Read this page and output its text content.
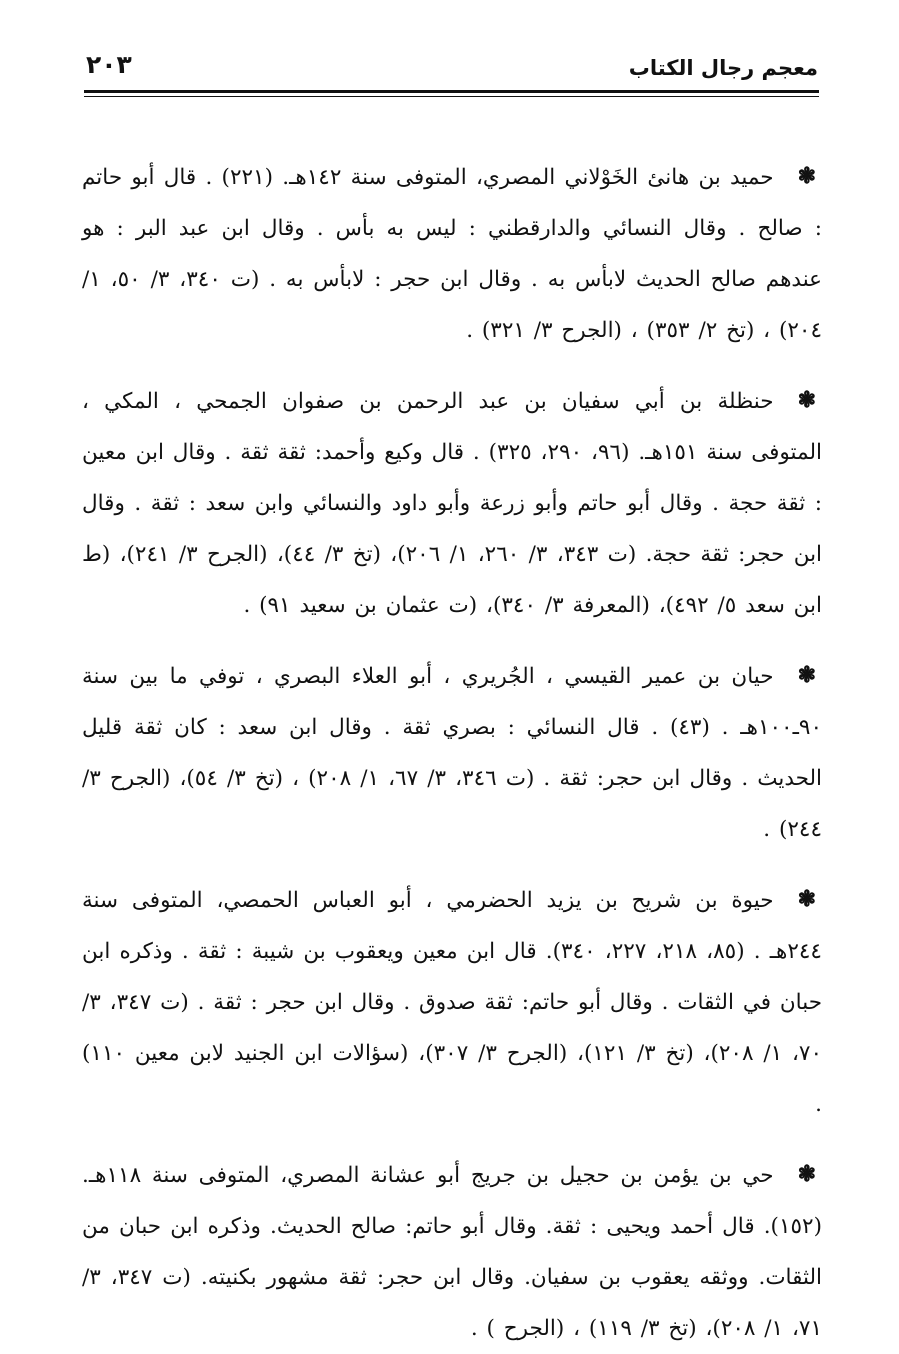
معجم رجال الكتاب
٢٠٣

❃حميد بن هانئ الخَوْلاني المصري، المتوفى سنة ١٤٢هـ. (٢٢١) . قال أبو حاتم : صالح . وقال النسائي والدارقطني : ليس به بأس . وقال ابن عبد البر : هو عندهم صالح الحديث لابأس به . وقال ابن حجر : لابأس به . (ت ٣٤٠، ٣/ ٥٠، ١/ ٢٠٤) ، (تخ ٢/ ٣٥٣) ، (الجرح ٣/ ٣٢١) .

❃حنظلة بن أبي سفيان بن عبد الرحمن بن صفوان الجمحي ، المكي ، المتوفى سنة ١٥١هـ. (٩٦، ٢٩٠، ٣٢٥) . قال وكيع وأحمد: ثقة ثقة . وقال ابن معين : ثقة حجة . وقال أبو حاتم وأبو زرعة وأبو داود والنسائي وابن سعد : ثقة . وقال ابن حجر: ثقة حجة. (ت ٣٤٣، ٣/ ٢٦٠، ١/ ٢٠٦)، (تخ ٣/ ٤٤)، (الجرح ٣/ ٢٤١)، (ط ابن سعد ٥/ ٤٩٢)، (المعرفة ٣/ ٣٤٠)، (ت عثمان بن سعيد ٩١) .

❃حيان بن عمير القيسي ، الجُريري ، أبو العلاء البصري ، توفي ما بين سنة ٩٠ـ١٠٠هـ . (٤٣) . قال النسائي : بصري ثقة . وقال ابن سعد : كان ثقة قليل الحديث . وقال ابن حجر: ثقة . (ت ٣٤٦، ٣/ ٦٧، ١/ ٢٠٨) ، (تخ ٣/ ٥٤)، (الجرح ٣/ ٢٤٤) .

❃حيوة بن شريح بن يزيد الحضرمي ، أبو العباس الحمصي، المتوفى سنة ٢٤٤هـ . (٨٥، ٢١٨، ٢٢٧، ٣٤٠). قال ابن معين ويعقوب بن شيبة : ثقة . وذكره ابن حبان في الثقات . وقال أبو حاتم: ثقة صدوق . وقال ابن حجر : ثقة . (ت ٣٤٧، ٣/ ٧٠، ١/ ٢٠٨)، (تخ ٣/ ١٢١)، (الجرح ٣/ ٣٠٧)، (سؤالات ابن الجنيد لابن معين ١١٠) .

❃حي بن يؤمن بن حجيل بن جريج أبو عشانة المصري، المتوفى سنة ١١٨هـ. (١٥٢). قال أحمد ويحيى : ثقة. وقال أبو حاتم: صالح الحديث. وذكره ابن حبان من الثقات. ووثقه يعقوب بن سفيان. وقال ابن حجر: ثقة مشهور بكنيته. (ت ٣٤٧، ٣/ ٧١، ١/ ٢٠٨)، (تخ ٣/ ١١٩) ، (الجرح ) .
